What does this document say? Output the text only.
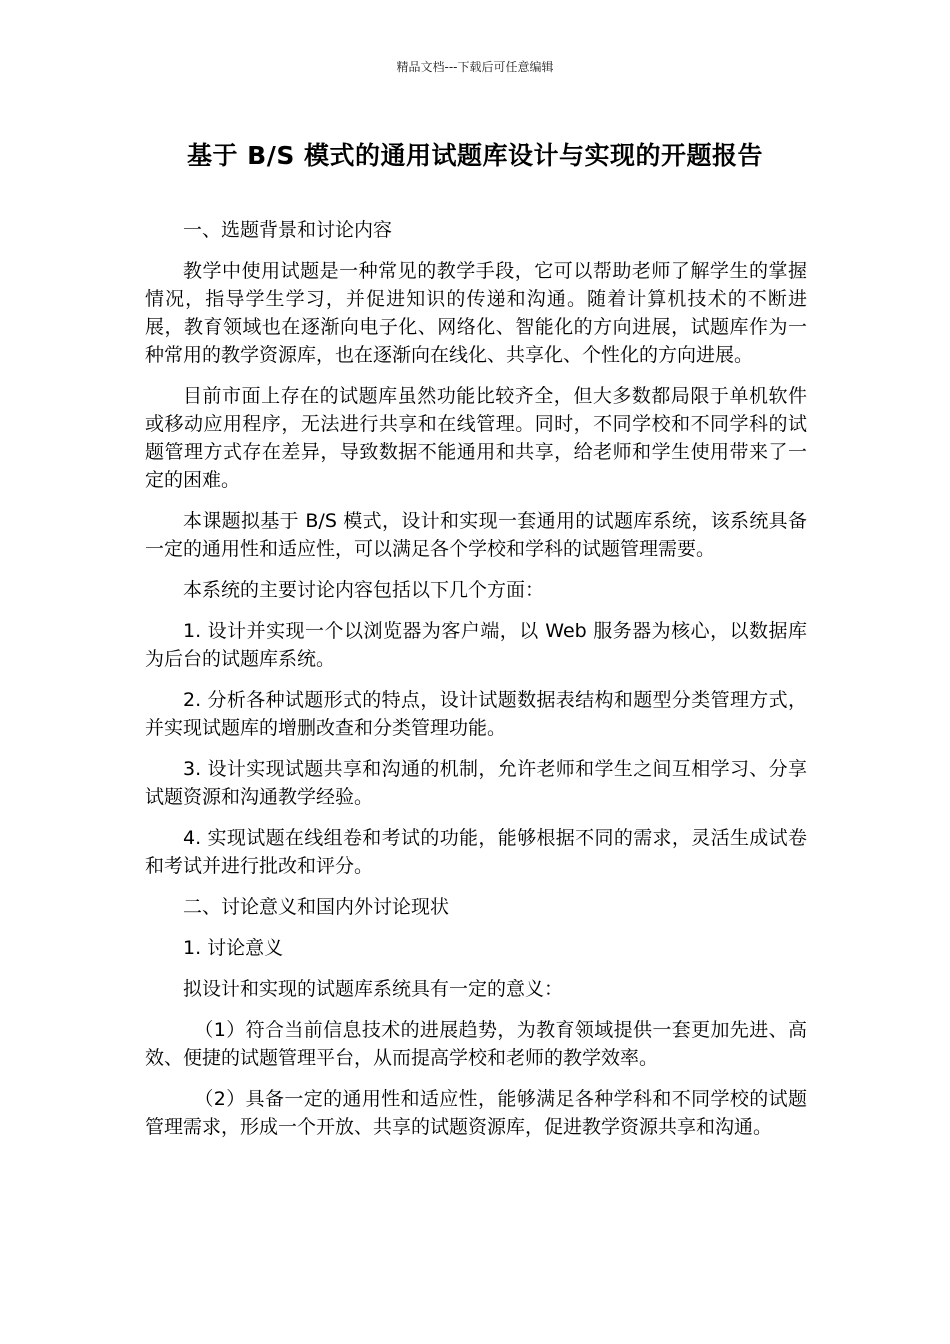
精品文档---下载后可任意编辑
基于 B/S 模式的通用试题库设计与实现的开题报告

一、选题背景和讨论内容

教学中使用试题是一种常见的教学手段，它可以帮助老师了解学生的掌握情况，指导学生学习，并促进知识的传递和沟通。随着计算机技术的不断进展，教育领域也在逐渐向电子化、网络化、智能化的方向进展，试题库作为一种常用的教学资源库，也在逐渐向在线化、共享化、个性化的方向进展。

目前市面上存在的试题库虽然功能比较齐全，但大多数都局限于单机软件或移动应用程序，无法进行共享和在线管理。同时，不同学校和不同学科的试题管理方式存在差异，导致数据不能通用和共享，给老师和学生使用带来了一定的困难。

本课题拟基于 B/S 模式，设计和实现一套通用的试题库系统，该系统具备一定的通用性和适应性，可以满足各个学校和学科的试题管理需要。

本系统的主要讨论内容包括以下几个方面：

1. 设计并实现一个以浏览器为客户端，以 Web 服务器为核心，以数据库为后台的试题库系统。

2. 分析各种试题形式的特点，设计试题数据表结构和题型分类管理方式，并实现试题库的增删改查和分类管理功能。

3. 设计实现试题共享和沟通的机制，允许老师和学生之间互相学习、分享试题资源和沟通教学经验。

4. 实现试题在线组卷和考试的功能，能够根据不同的需求，灵活生成试卷和考试并进行批改和评分。

二、讨论意义和国内外讨论现状

1. 讨论意义

拟设计和实现的试题库系统具有一定的意义：

（1）符合当前信息技术的进展趋势，为教育领域提供一套更加先进、高效、便捷的试题管理平台，从而提高学校和老师的教学效率。

（2）具备一定的通用性和适应性，能够满足各种学科和不同学校的试题管理需求，形成一个开放、共享的试题资源库，促进教学资源共享和沟通。
